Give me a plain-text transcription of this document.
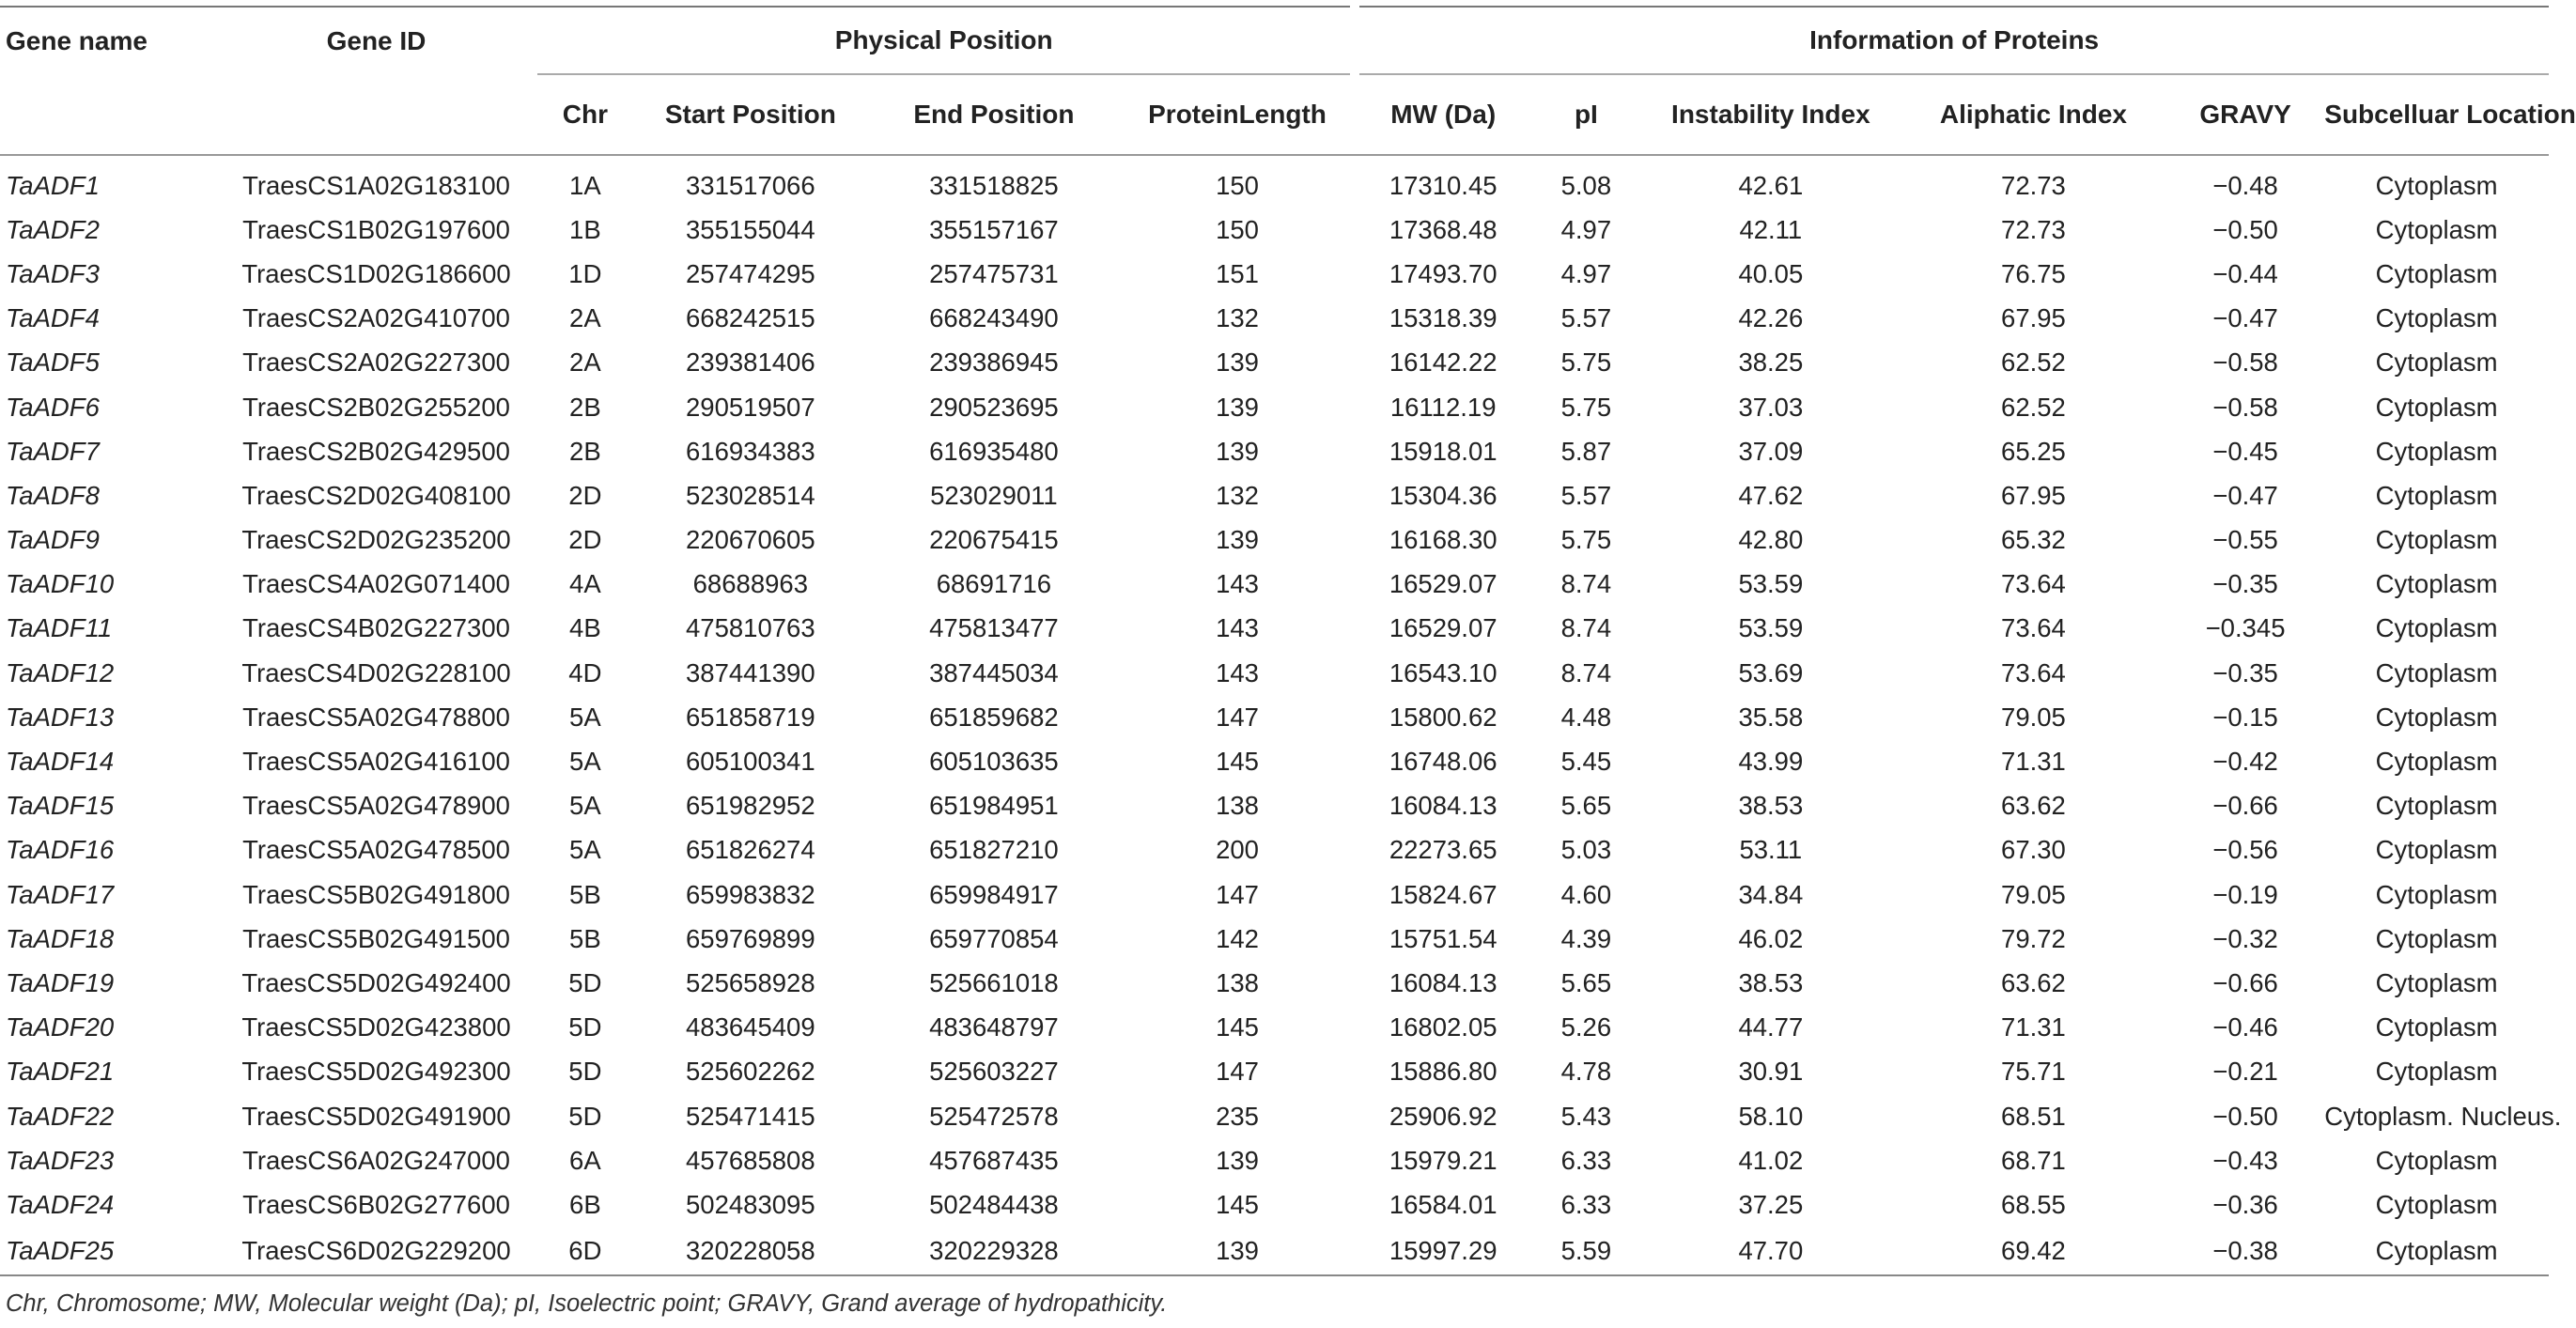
Gene name	Gene ID	Physical Position				Information of Proteins					
		Chr	Start Position	End Position	ProteinLength	MW (Da)	pI	Instability Index	Aliphatic Index	GRAVY	Subcelluar Location
TaADF1	TraesCS1A02G183100	1A	331517066	331518825	150	17310.45	5.08	42.61	72.73	−0.48	Cytoplasm
TaADF2	TraesCS1B02G197600	1B	355155044	355157167	150	17368.48	4.97	42.11	72.73	−0.50	Cytoplasm
TaADF3	TraesCS1D02G186600	1D	257474295	257475731	151	17493.70	4.97	40.05	76.75	−0.44	Cytoplasm
TaADF4	TraesCS2A02G410700	2A	668242515	668243490	132	15318.39	5.57	42.26	67.95	−0.47	Cytoplasm
TaADF5	TraesCS2A02G227300	2A	239381406	239386945	139	16142.22	5.75	38.25	62.52	−0.58	Cytoplasm
TaADF6	TraesCS2B02G255200	2B	290519507	290523695	139	16112.19	5.75	37.03	62.52	−0.58	Cytoplasm
TaADF7	TraesCS2B02G429500	2B	616934383	616935480	139	15918.01	5.87	37.09	65.25	−0.45	Cytoplasm
TaADF8	TraesCS2D02G408100	2D	523028514	523029011	132	15304.36	5.57	47.62	67.95	−0.47	Cytoplasm
TaADF9	TraesCS2D02G235200	2D	220670605	220675415	139	16168.30	5.75	42.80	65.32	−0.55	Cytoplasm
TaADF10	TraesCS4A02G071400	4A	68688963	68691716	143	16529.07	8.74	53.59	73.64	−0.35	Cytoplasm
TaADF11	TraesCS4B02G227300	4B	475810763	475813477	143	16529.07	8.74	53.59	73.64	−0.345	Cytoplasm
TaADF12	TraesCS4D02G228100	4D	387441390	387445034	143	16543.10	8.74	53.69	73.64	−0.35	Cytoplasm
TaADF13	TraesCS5A02G478800	5A	651858719	651859682	147	15800.62	4.48	35.58	79.05	−0.15	Cytoplasm
TaADF14	TraesCS5A02G416100	5A	605100341	605103635	145	16748.06	5.45	43.99	71.31	−0.42	Cytoplasm
TaADF15	TraesCS5A02G478900	5A	651982952	651984951	138	16084.13	5.65	38.53	63.62	−0.66	Cytoplasm
TaADF16	TraesCS5A02G478500	5A	651826274	651827210	200	22273.65	5.03	53.11	67.30	−0.56	Cytoplasm
TaADF17	TraesCS5B02G491800	5B	659983832	659984917	147	15824.67	4.60	34.84	79.05	−0.19	Cytoplasm
TaADF18	TraesCS5B02G491500	5B	659769899	659770854	142	15751.54	4.39	46.02	79.72	−0.32	Cytoplasm
TaADF19	TraesCS5D02G492400	5D	525658928	525661018	138	16084.13	5.65	38.53	63.62	−0.66	Cytoplasm
TaADF20	TraesCS5D02G423800	5D	483645409	483648797	145	16802.05	5.26	44.77	71.31	−0.46	Cytoplasm
TaADF21	TraesCS5D02G492300	5D	525602262	525603227	147	15886.80	4.78	30.91	75.71	−0.21	Cytoplasm
TaADF22	TraesCS5D02G491900	5D	525471415	525472578	235	25906.92	5.43	58.10	68.51	−0.50	Cytoplasm. Nucleus.
TaADF23	TraesCS6A02G247000	6A	457685808	457687435	139	15979.21	6.33	41.02	68.71	−0.43	Cytoplasm
TaADF24	TraesCS6B02G277600	6B	502483095	502484438	145	16584.01	6.33	37.25	68.55	−0.36	Cytoplasm
TaADF25	TraesCS6D02G229200	6D	320228058	320229328	139	15997.29	5.59	47.70	69.42	−0.38	Cytoplasm
Chr, Chromosome; MW, Molecular weight (Da); pI, Isoelectric point; GRAVY, Grand average of hydropathicity.
